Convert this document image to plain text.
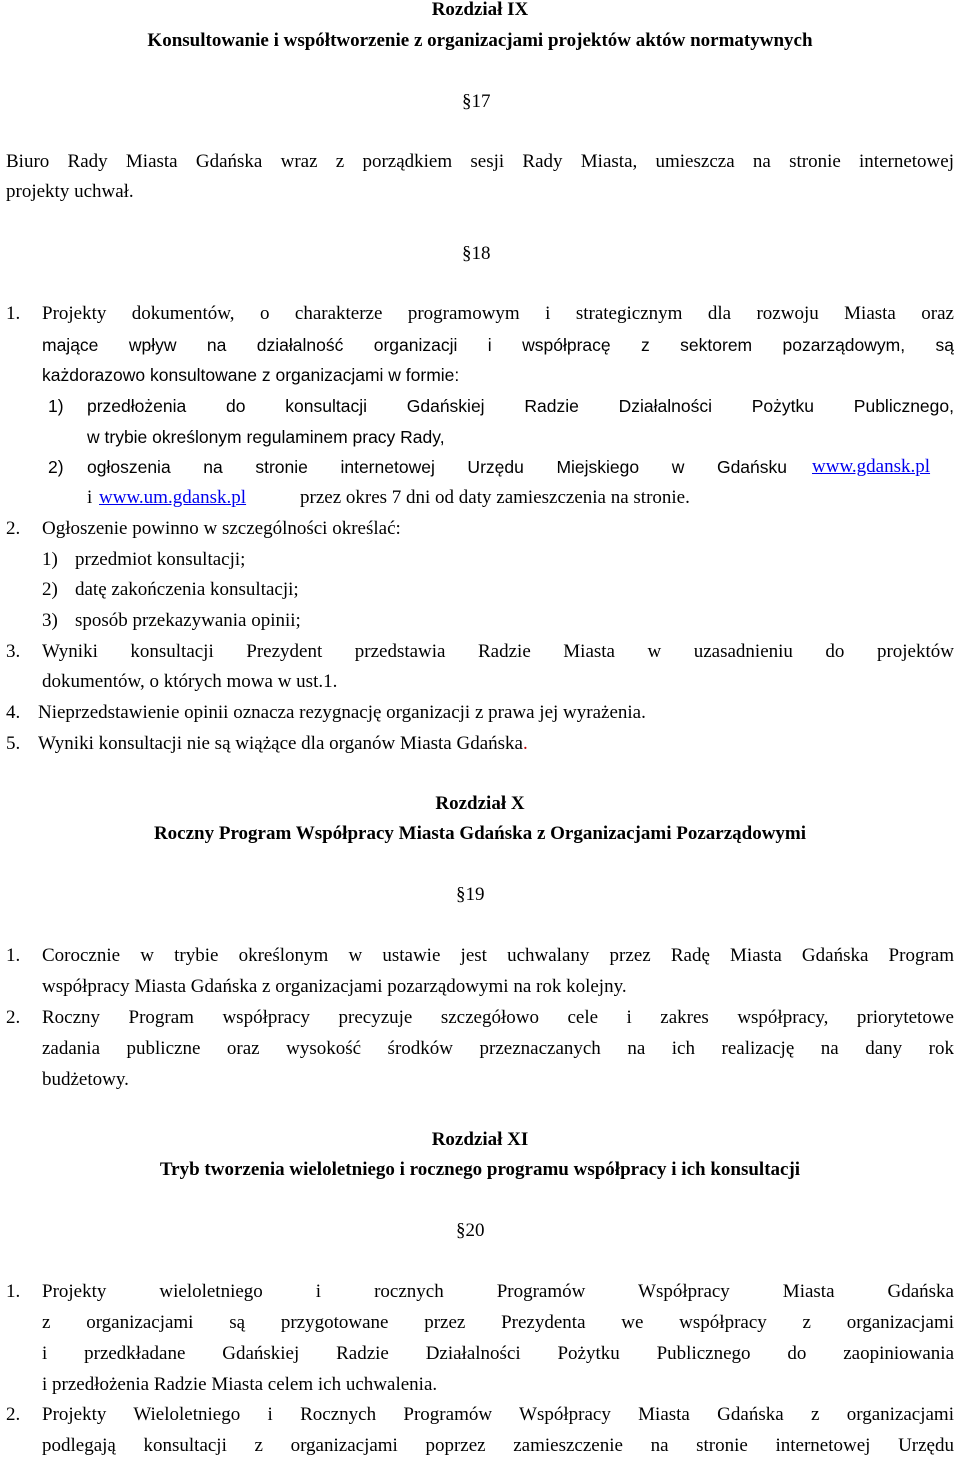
Rozdział IX
Konsultowanie i współtworzenie z organizacjami projektów aktów normatywnych
§17
Biuro Rady Miasta Gdańska wraz z porządkiem sesji Rady Miasta, umieszcza na stronie internetowej
projekty uchwał.
§18
1. Projekty dokumentów, o charakterze programowym i strategicznym dla rozwoju Miasta oraz
mające wpływ na działalność organizacji i współpracę z sektorem pozarządowym, są
każdorazowo konsultowane z organizacjami w formie:
1) przedłożenia do konsultacji Gdańskiej Radzie Działalności Pożytku Publicznego,
w trybie określonym regulaminem pracy Rady,
2) ogłoszenia na stronie internetowej Urzędu Miejskiego w Gdańsku www.gdansk.pl
i www.um.gdansk.pl	przez okres 7 dni od daty zamieszczenia na stronie.
2. Ogłoszenie powinno w szczególności określać:
1) przedmiot konsultacji;
2) datę zakończenia konsultacji;
3) sposób przekazywania opinii;
3. Wyniki konsultacji Prezydent przedstawia Radzie Miasta w uzasadnieniu do projektów
dokumentów, o których mowa w ust.1.
4. Nieprzedstawienie opinii oznacza rezygnację organizacji z prawa jej wyrażenia.
5. Wyniki konsultacji nie są wiążące dla organów Miasta Gdańska.
Rozdział X
Roczny Program Współpracy Miasta Gdańska z Organizacjami Pozarządowymi
§19
1. Corocznie w trybie określonym w ustawie jest uchwalany przez Radę Miasta Gdańska Program
współpracy Miasta Gdańska z organizacjami pozarządowymi na rok kolejny.
2. Roczny Program współpracy precyzuje szczegółowo cele i zakres współpracy, priorytetowe
zadania publiczne oraz wysokość środków przeznaczanych na ich realizację na dany rok
budżetowy.
Rozdział XI
Tryb tworzenia wieloletniego i rocznego programu współpracy i ich konsultacji
§20
1. Projekty wieloletniego i rocznych Programów Współpracy Miasta Gdańska
z organizacjami są przygotowane przez Prezydenta we współpracy z organizacjami
i przedkładane Gdańskiej Radzie Działalności Pożytku Publicznego do zaopiniowania
i przedłożenia Radzie Miasta celem ich uchwalenia.
2. Projekty Wieloletniego i Rocznych Programów Współpracy Miasta Gdańska z organizacjami
podlegają konsultacji z organizacjami poprzez zamieszczenie na stronie internetowej Urzędu
